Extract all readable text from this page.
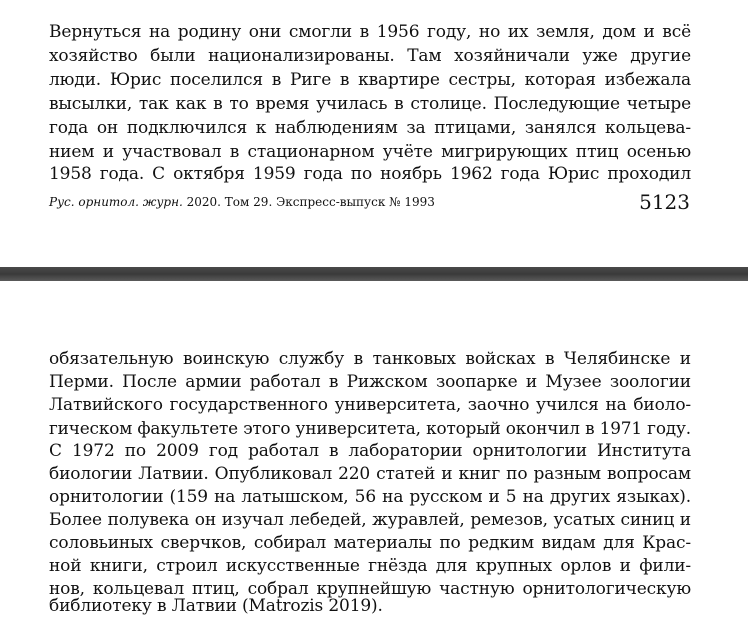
Вернуться на родину они смогли в 1956 году, но их земля, дом и всё
хозяйство были национализированы. Там хозяйничали уже другие
люди. Юрис поселился в Риге в квартире сестры, которая избежала
высылки, так как в то время училась в столице. Последующие четыре
года он подключился к наблюдениям за птицами, занялся кольцева-
нием и участвовал в стационарном учёте мигрирующих птиц осенью
1958 года. С октября 1959 года по ноябрь 1962 года Юрис проходил
Рус. орнитол. журн. 2020. Том 29. Экспресс-выпуск № 1993	5123
обязательную воинскую службу в танковых войсках в Челябинске и
Перми. После армии работал в Рижском зоопарке и Музее зоологии
Латвийского государственного университета, заочно учился на биоло-
гическом факультете этого университета, который окончил в 1971 году.
С 1972 по 2009 год работал в лаборатории орнитологии Института
биологии Латвии. Опубликовал 220 статей и книг по разным вопросам
орнитологии (159 на латышском, 56 на русском и 5 на других языках).
Более полувека он изучал лебедей, журавлей, ремезов, усатых синиц и
соловьиных сверчков, собирал материалы по редким видам для Крас-
ной книги, строил искусственные гнёзда для крупных орлов и фили-
нов, кольцевал птиц, собрал крупнейшую частную орнитологическую
библиотеку в Латвии (Matrozis 2019).
